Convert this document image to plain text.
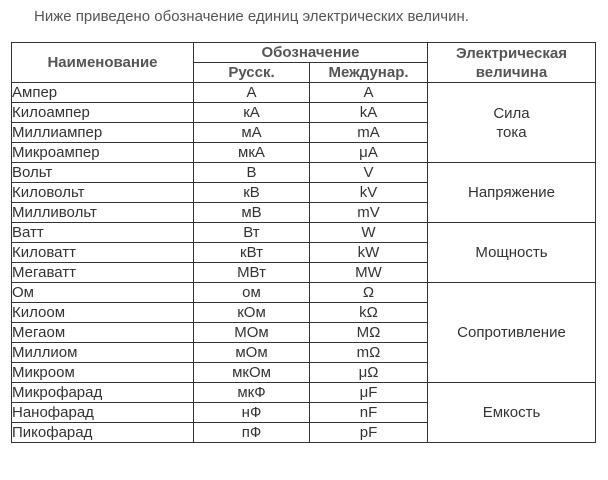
Ниже приведено обозначение единиц электрических величин.
Наименование	Обозначение		Электрическая
величина
	Русск.	Междунар.	
Ампер	А	A	Сила
тока
Килоампер	кА	kA	
Миллиампер	мА	mA	
Микроампер	мкА	μA	
Вольт	В	V	Напряжение
Киловольт	кВ	kV	
Милливольт	мВ	mV	
Ватт	Вт	W	Мощность
Киловатт	кВт	kW	
Мегаватт	МВт	MW	
Ом	ом	Ω	Сопротивление
Килоом	кОм	kΩ	
Мегаом	МОм	MΩ	
Миллиом	мОм	mΩ	
Микроом	мкОм	μΩ	
Микрофарад	мкФ	μF	Емкость
Нанофарад	нФ	nF	
Пикофарад	пФ	pF	
